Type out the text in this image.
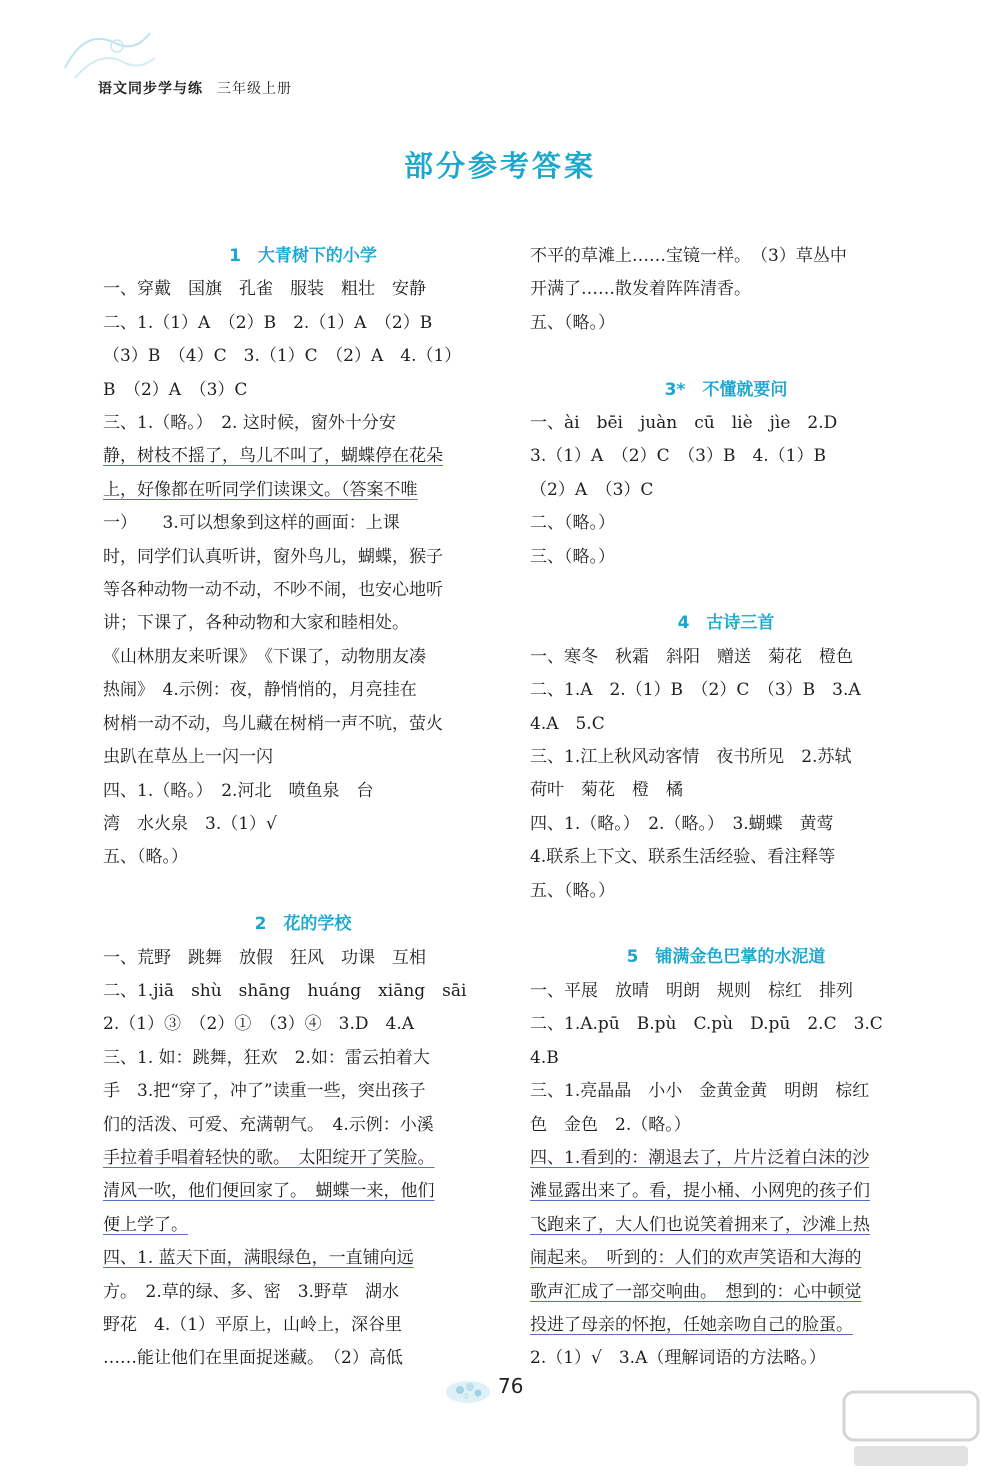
语文同步学与练 三年级上册
部分参考答案
1　大青树下的小学
一、穿戴　国旗　孔雀　服装　粗壮　安静
二、1.（1）A　（2）B　2.（1）A　（2）B
（3）B　（4）C　3.（1）C　（2）A　4.（1）
B　（2）A　（3）C
三、1.（略。）　2. 这时候，窗外十分安
静，树枝不摇了，鸟儿不叫了，蝴蝶停在花朵
上，好像都在听同学们读课文。（答案不唯
一）　　3.可以想象到这样的画面：上课
时，同学们认真听讲，窗外鸟儿，蝴蝶，猴子
等各种动物一动不动，不吵不闹，也安心地听
讲；下课了，各种动物和大家和睦相处。
《山林朋友来听课》　《下课了，动物朋友凑
热闹》　4.示例：夜，静悄悄的，月亮挂在
树梢一动不动，鸟儿藏在树梢一声不吭，萤火
虫趴在草丛上一闪一闪
四、1.（略。）　2.河北　喷鱼泉　台
湾　水火泉　3.（1）√
五、（略。）
2　花的学校
一、荒野　跳舞　放假　狂风　功课　互相
二、1.jiā　shù　shāng　huáng　xiāng　sāi
2.（1）③　（2）①　（3）④　3.D　4.A
三、1. 如：跳舞，狂欢　2.如：雷云拍着大
手　3.把“穿了，冲了”读重一些，突出孩子
们的活泼、可爱、充满朝气。　4.示例：小溪
手拉着手唱着轻快的歌。　太阳绽开了笑脸。
清风一吹，他们便回家了。　蝴蝶一来，他们
便上学了。
四、1. 蓝天下面，满眼绿色，一直铺向远
方。　2.草的绿、多、密　3.野草　湖水
野花　4.（1）平原上，山岭上，深谷里
……能让他们在里面捉迷藏。　（2）高低
不平的草滩上……宝镜一样。　（3）草丛中
开满了……散发着阵阵清香。
五、（略。）
3*　不懂就要问
一、ài　bēi　juàn　cū　liè　jìe　2.D
3.（1）A　（2）C　（3）B　4.（1）B
（2）A　（3）C
二、（略。）
三、（略。）
4　古诗三首
一、寒冬　秋霜　斜阳　赠送　菊花　橙色
二、1.A　2.（1）B　（2）C　（3）B　3.A
4.A　5.C
三、1.江上秋风动客情　夜书所见　2.苏轼
荷叶　菊花　橙　橘
四、1.（略。）　2.（略。）　3.蝴蝶　黄莺
4.联系上下文、联系生活经验、看注释等
五、（略。）
5　铺满金色巴掌的水泥道
一、平展　放晴　明朗　规则　棕红　排列
二、1.A.pū　B.pù　C.pù　D.pū　2.C　3.C
4.B
三、1.亮晶晶　小小　金黄金黄　明朗　棕红
色　金色　2.（略。）
四、1.看到的：潮退去了，片片泛着白沫的沙
滩显露出来了。看，提小桶、小网兜的孩子们
飞跑来了，大人们也说笑着拥来了，沙滩上热
闹起来。　听到的：人们的欢声笑语和大海的
歌声汇成了一部交响曲。　想到的：心中顿觉
投进了母亲的怀抱，任她亲吻自己的脸蛋。
2.（1）√　3.A（理解词语的方法略。）
76
